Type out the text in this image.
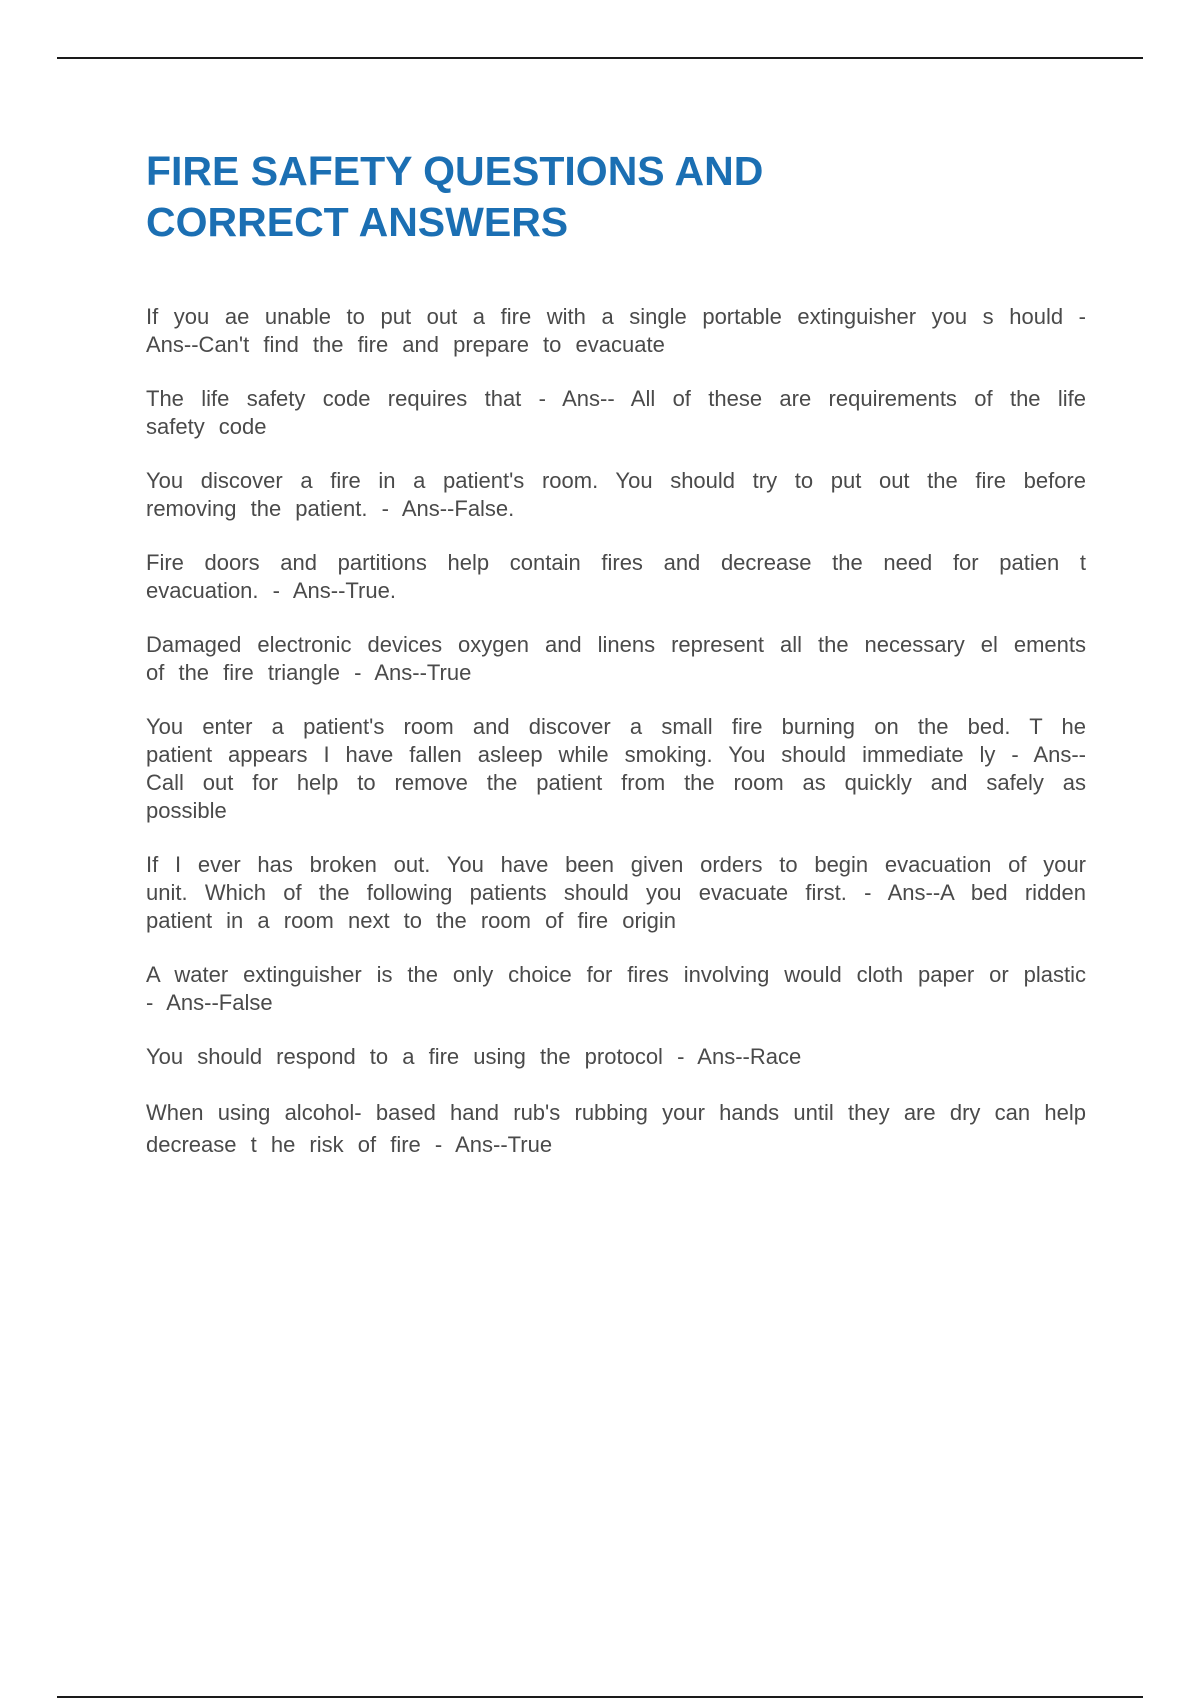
FIRE SAFETY QUESTIONS AND
CORRECT ANSWERS

If you ae unable to put out a fire with a single portable extinguisher you s hould - Ans--Can't find the fire and prepare to evacuate

The life safety code requires that - Ans-- All of these are requirements of the life safety code

You discover a fire in a patient's room. You should try to put out the fire before removing the patient. - Ans--False.

Fire doors and partitions help contain fires and decrease the need for patien t evacuation. - Ans--True.

Damaged electronic devices oxygen and linens represent all the necessary el ements of the fire triangle - Ans--True

You enter a patient's room and discover a small fire burning on the bed. T he patient appears I have fallen asleep while smoking. You should immediate ly - Ans-- Call out for help to remove the patient from the room as quickly and safely as possible

If I ever has broken out. You have been given orders to begin evacuation of your unit. Which of the following patients should you evacuate first. - Ans--A bed ridden patient in a room next to the room of fire origin

A water extinguisher is the only choice for fires involving would cloth paper or plastic - Ans--False

You should respond to a fire using the protocol - Ans--Race

When using alcohol- based hand rub's rubbing your hands until they are dry can help decrease t he risk of fire - Ans--True
